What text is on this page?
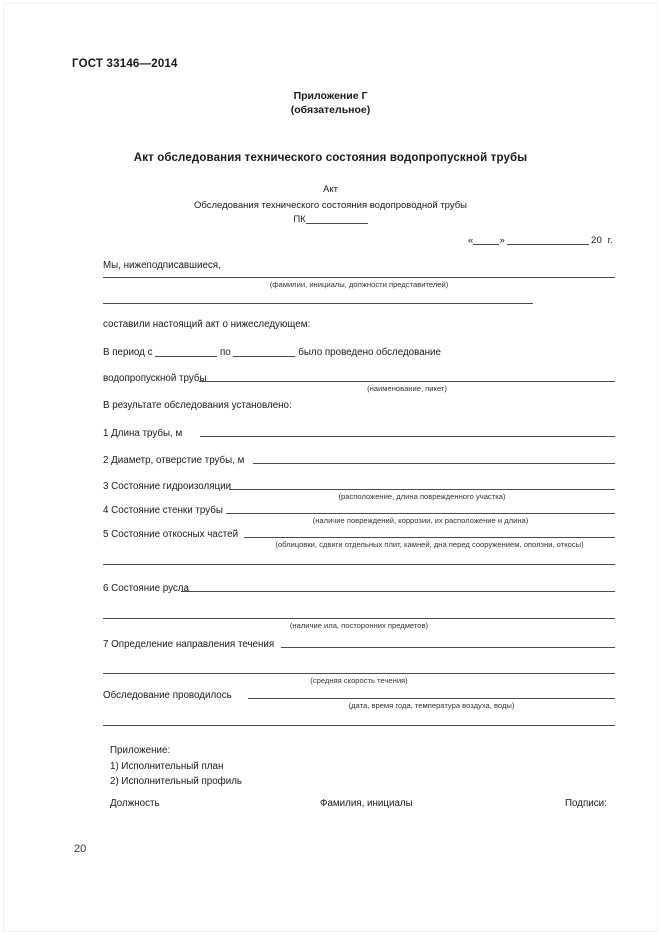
ГОСТ 33146—2014
Приложение Г
(обязательное)
Акт обследования технического состояния водопропускной трубы
Акт
Обследования технического состояния водопроводной трубы
ПК
«	»	20 г.
Мы, нижеподписавшиеся,
(фамилии, инициалы, должности представителей)
составили настоящий акт о нижеследующем:
В период с	по	было проведено обследование
водопропускной трубы
(наименование, пикет)
В результате обследования установлено:
1 Длина трубы, м
2 Диаметр, отверстие трубы, м
3 Состояние гидроизоляции
(расположение, длина поврежденного участка)
4 Состояние стенки трубы
(наличие повреждений, коррозии, их расположение и длина)
5 Состояние откосных частей
(облицовки, сдвиги отдельных плит, камней, дна перед сооружением, оползни, откосы)
6 Состояние русла
(наличие ила, посторонних предметов)
7 Определение направления течения
(средняя скорость течения)
Обследование проводилось
(дата, время года, температура воздуха, воды)
Приложение:
1) Исполнительный план
2) Исполнительный профиль
Должность	Фамилия, инициалы	Подписи:
20
